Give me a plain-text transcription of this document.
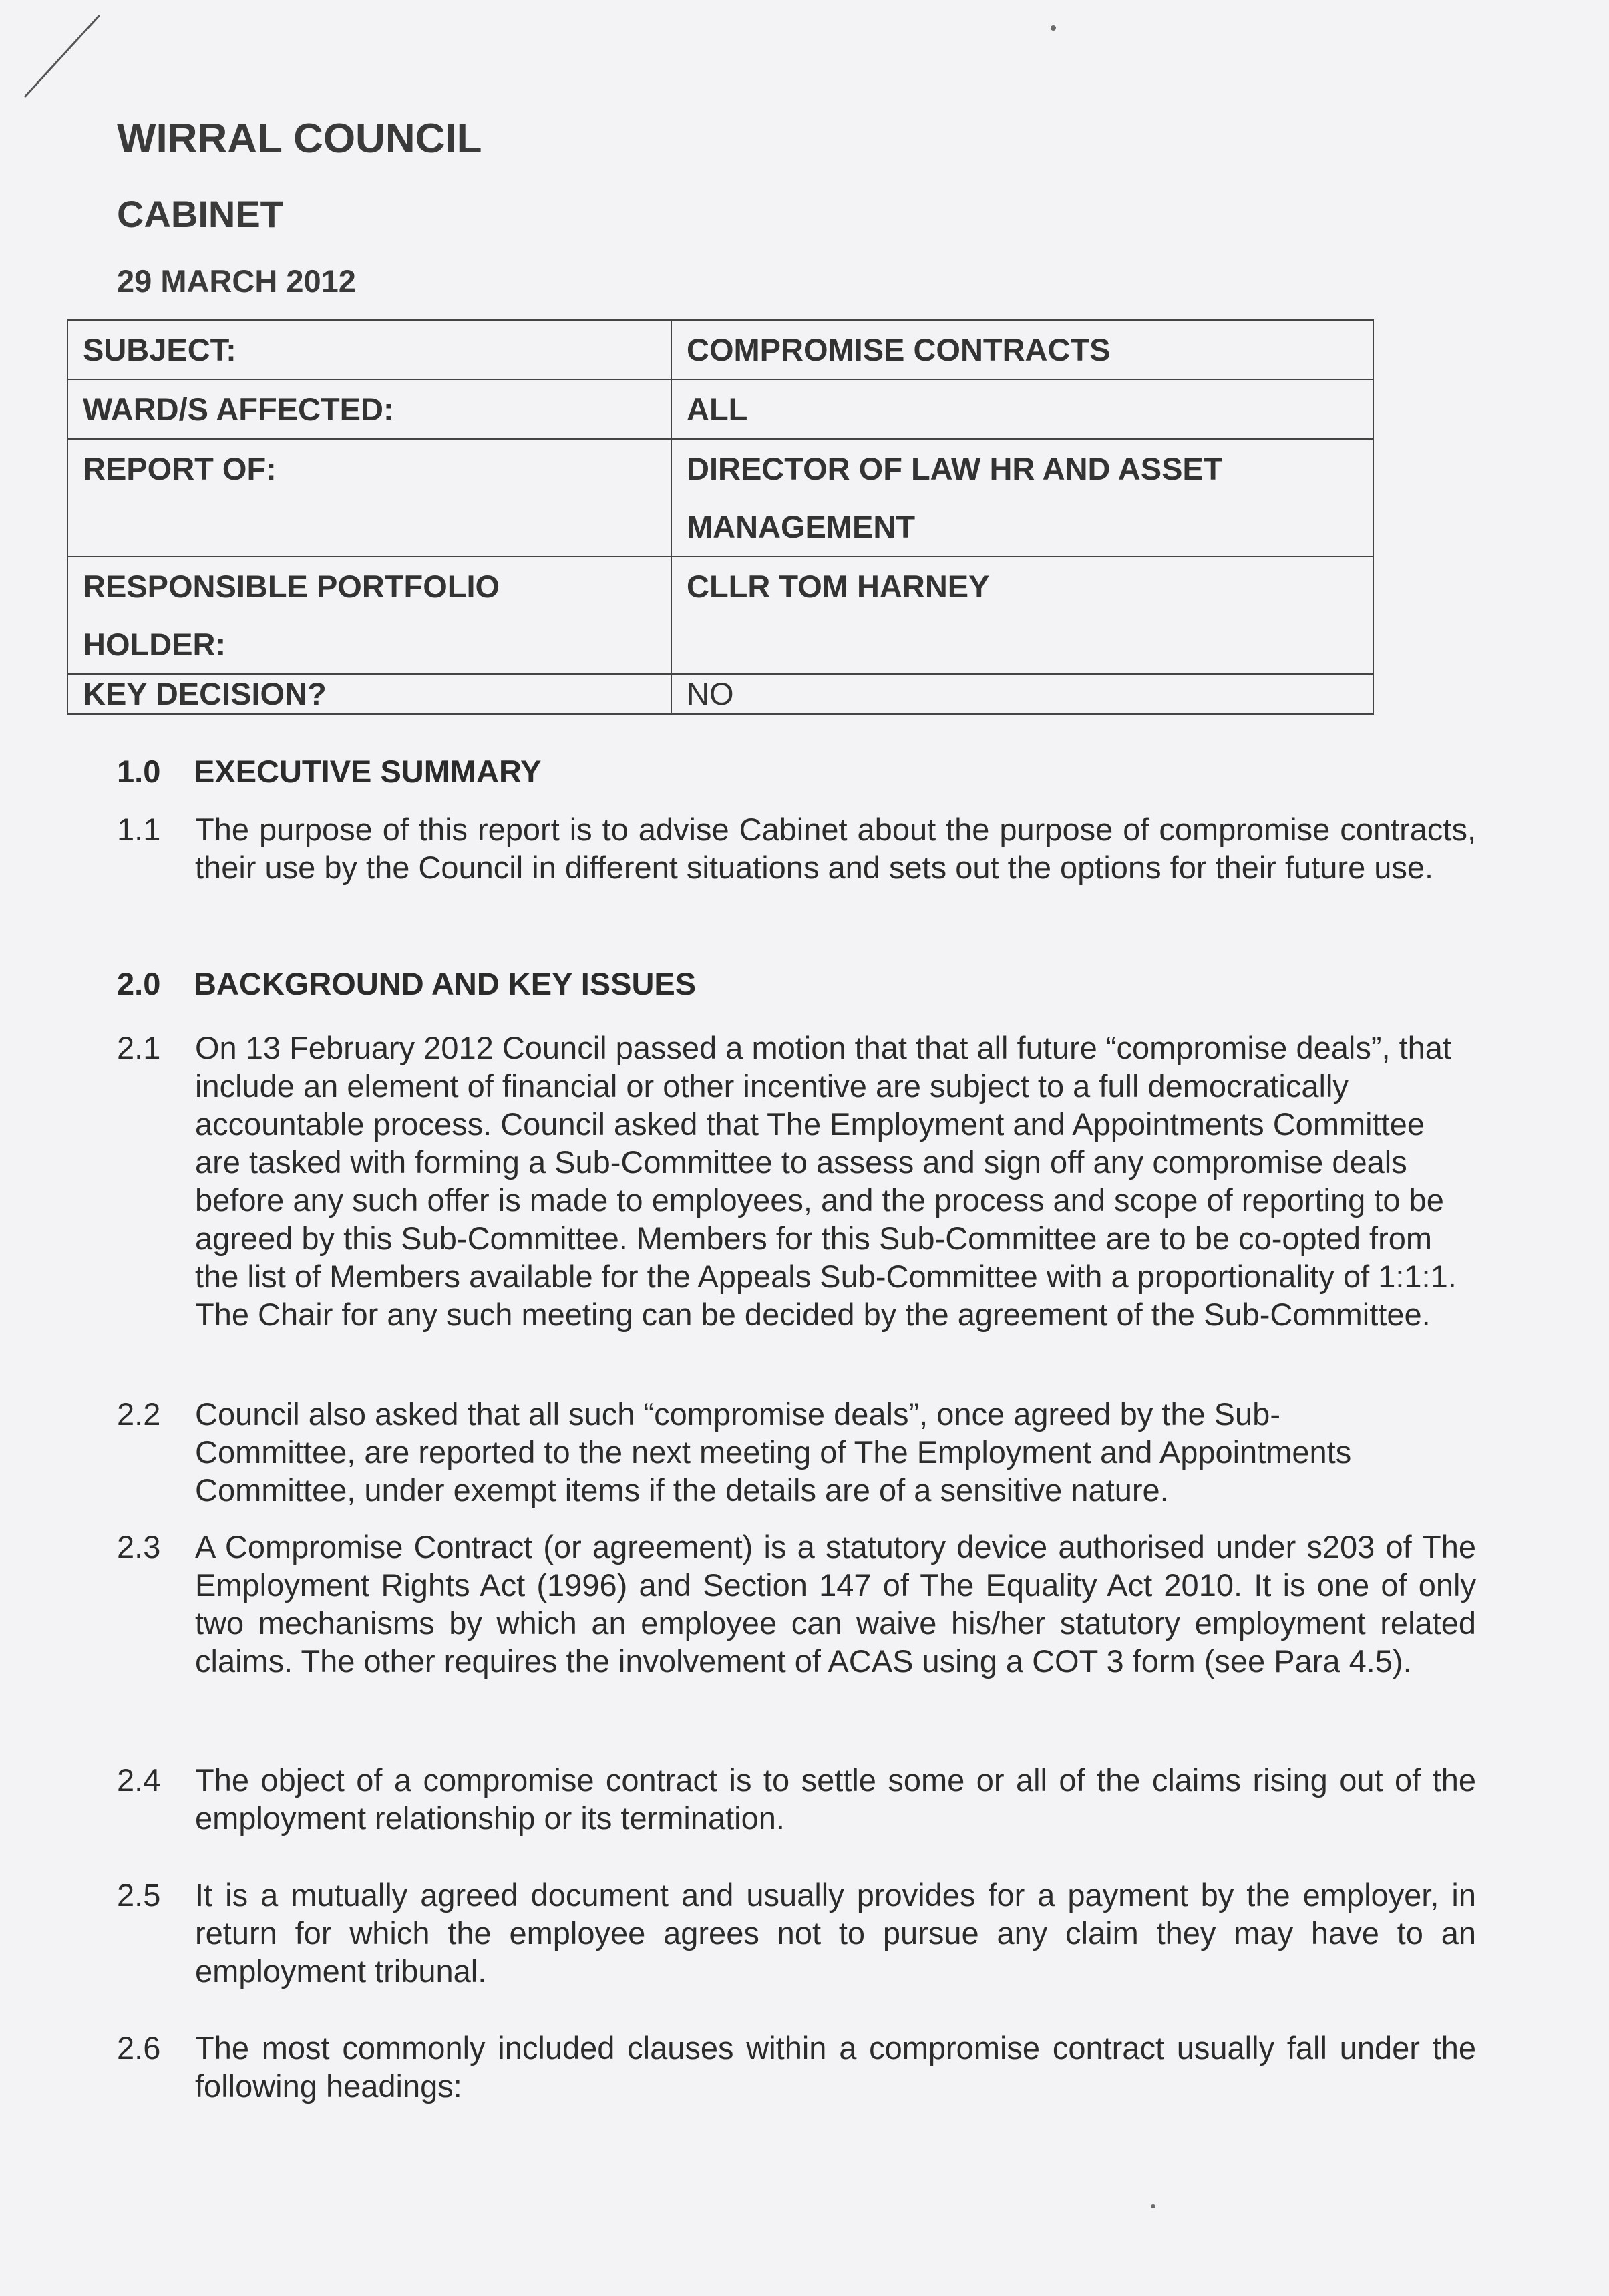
WIRRAL COUNCIL
CABINET
29 MARCH 2012
SUBJECT:	COMPROMISE CONTRACTS
WARD/S AFFECTED:	ALL
REPORT OF:	DIRECTOR OF LAW HR AND ASSET MANAGEMENT
RESPONSIBLE PORTFOLIO HOLDER:	CLLR TOM HARNEY
KEY DECISION?	NO
1.0 EXECUTIVE SUMMARY
1.1	The purpose of this report is to advise Cabinet about the purpose of compromise contracts, their use by the Council in different situations and sets out the options for their future use.
2.0 BACKGROUND AND KEY ISSUES
2.1	On 13 February 2012 Council passed a motion that that all future “compromise deals”, that include an element of financial or other incentive are subject to a full democratically accountable process. Council asked that The Employment and Appointments Committee are tasked with forming a Sub-Committee to assess and sign off any compromise deals before any such offer is made to employees, and the process and scope of reporting to be agreed by this Sub-Committee. Members for this Sub-Committee are to be co-opted from the list of Members available for the Appeals Sub-Committee with a proportionality of 1:1:1. The Chair for any such meeting can be decided by the agreement of the Sub-Committee.
2.2	Council also asked that all such “compromise deals”, once agreed by the Sub-Committee, are reported to the next meeting of The Employment and Appointments Committee, under exempt items if the details are of a sensitive nature.
2.3	A Compromise Contract (or agreement) is a statutory device authorised under s203 of The Employment Rights Act (1996) and Section 147 of The Equality Act 2010. It is one of only two mechanisms by which an employee can waive his/her statutory employment related claims. The other requires the involvement of ACAS using a COT 3 form (see Para 4.5).
2.4	The object of a compromise contract is to settle some or all of the claims rising out of the employment relationship or its termination.
2.5	It is a mutually agreed document and usually provides for a payment by the employer, in return for which the employee agrees not to pursue any claim they may have to an employment tribunal.
2.6	The most commonly included clauses within a compromise contract usually fall under the following headings:
